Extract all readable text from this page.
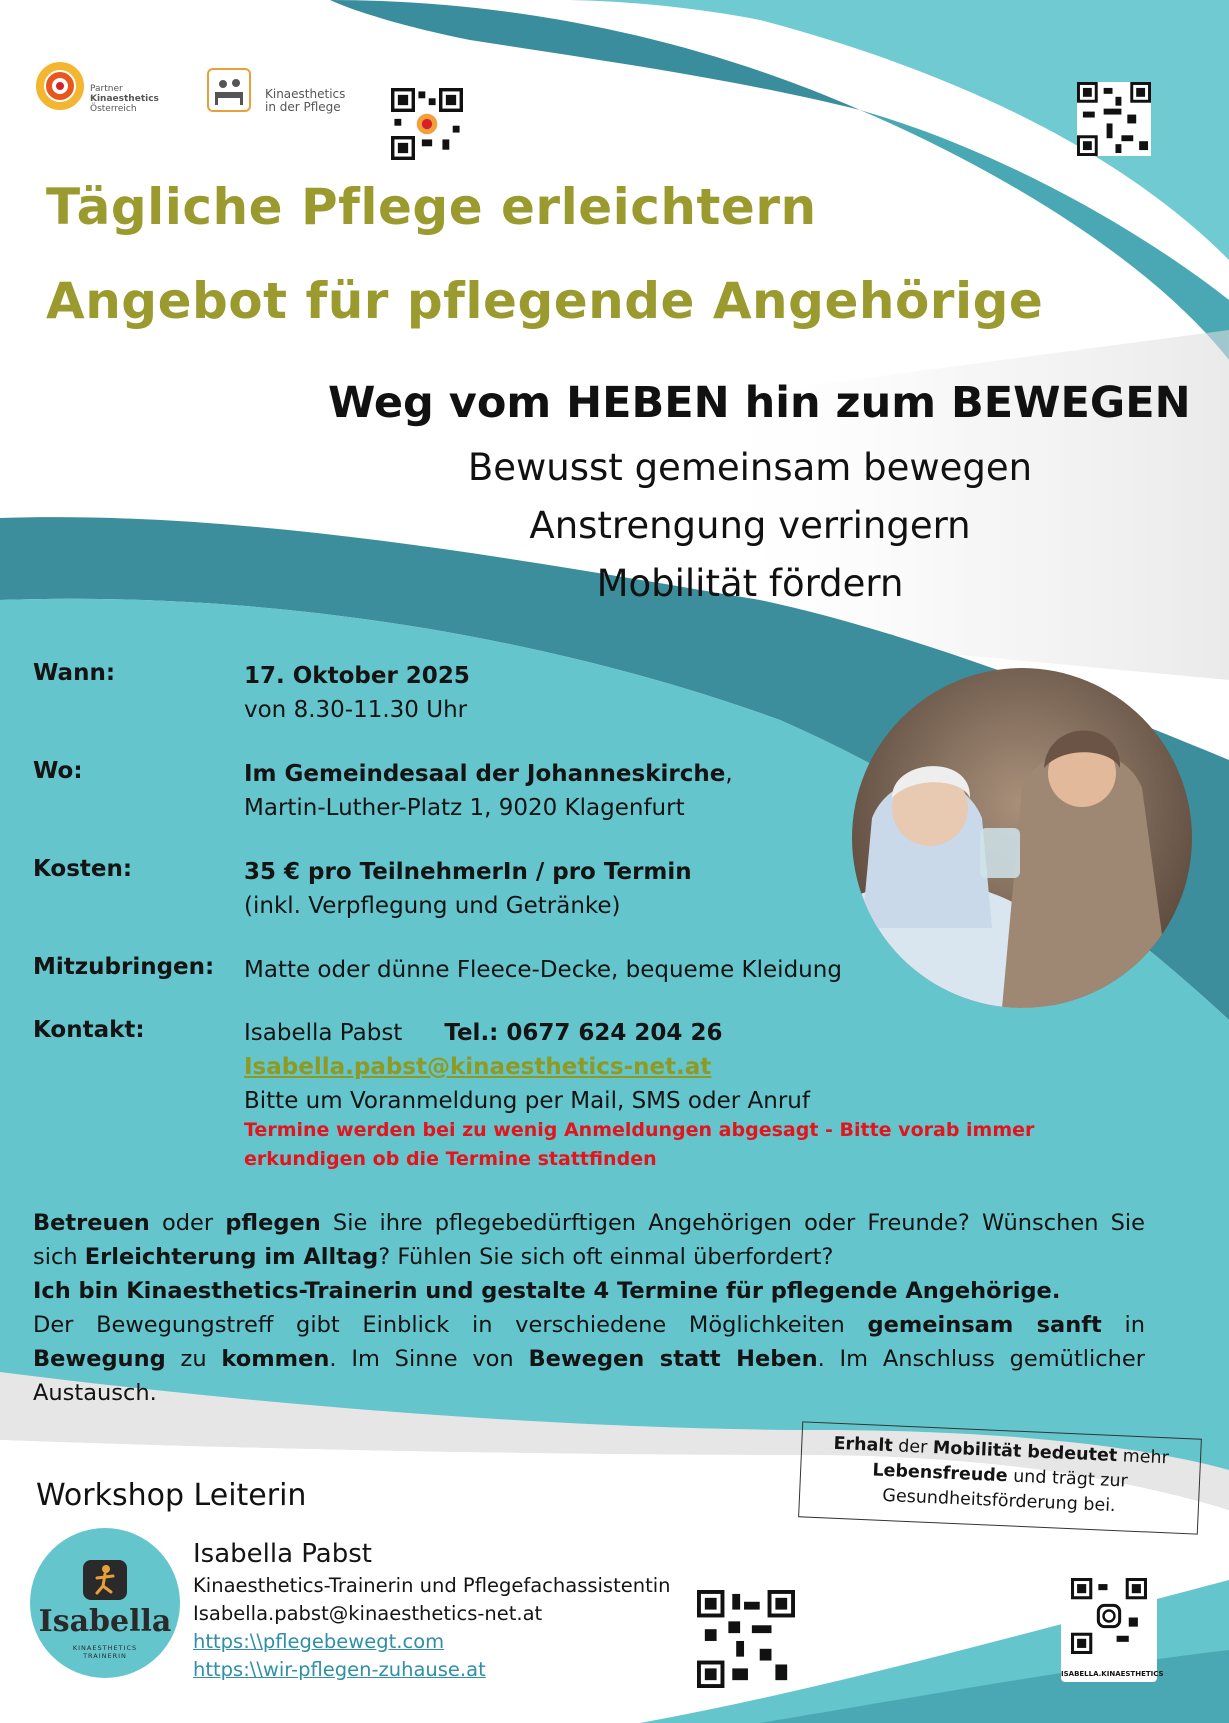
Partner
Kinaesthetics
Österreich
Kinaesthetics
in der Pflege
Tägliche Pflege erleichtern
Angebot für pflegende Angehörige
Weg vom HEBEN hin zum BEWEGEN
Bewusst gemeinsam bewegen
Anstrengung verringern
Mobilität fördern
Wann:	17. Oktober 2025
von 8.30-11.30 Uhr
Wo:	Im Gemeindesaal der Johanneskirche,
Martin-Luther-Platz 1, 9020 Klagenfurt
Kosten:	35 € pro TeilnehmerIn / pro Termin
(inkl. Verpflegung und Getränke)
Mitzubringen: Matte oder dünne Fleece-Decke, bequeme Kleidung
Kontakt:	Isabella Pabst Tel.: 0677 624 204 26
Isabella.pabst@kinaesthetics-net.at
Bitte um Voranmeldung per Mail, SMS oder Anruf
Termine werden bei zu wenig Anmeldungen abgesagt - Bitte vorab immer erkundigen ob die Termine stattfinden

Betreuen oder pflegen Sie ihre pflegebedürftigen Angehörigen oder Freunde? Wünschen Sie sich Erleichterung im Alltag? Fühlen Sie sich oft einmal überfordert?

Ich bin Kinaesthetics-Trainerin und gestalte 4 Termine für pflegende Angehörige.

Der Bewegungstreff gibt Einblick in verschiedene Möglichkeiten gemeinsam sanft in Bewegung zu kommen. Im Sinne von Bewegen statt Heben. Im Anschluss gemütlicher Austausch.

Erhalt der Mobilität bedeutet mehr Lebensfreude und trägt zur Gesundheitsförderung bei.
Workshop Leiterin
Isabella
KINAESTHETICS
TRAINERIN
Isabella Pabst
Kinaesthetics-Trainerin und Pflegefachassistentin
Isabella.pabst@kinaesthetics-net.at
https:\\pflegebewegt.com
https:\\wir-pflegen-zuhause.at	ISABELLA.KINAESTHETICS
